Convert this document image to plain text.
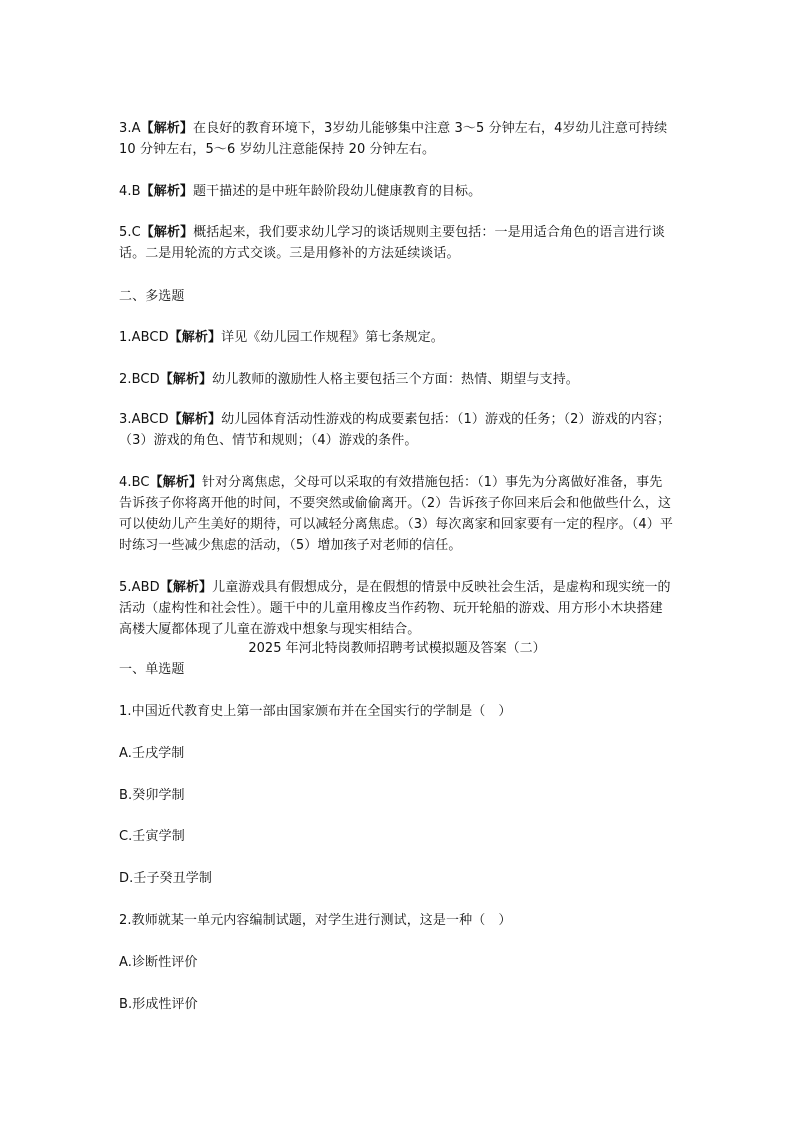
3.A【解析】在良好的教育环境下，3岁幼儿能够集中注意 3～5 分钟左右，4岁幼儿注意可持续 10 分钟左右，5～6 岁幼儿注意能保持 20 分钟左右。

4.B【解析】题干描述的是中班年龄阶段幼儿健康教育的目标。

5.C【解析】概括起来，我们要求幼儿学习的谈话规则主要包括：一是用适合角色的语言进行谈话。二是用轮流的方式交谈。三是用修补的方法延续谈话。

二、多选题

1.ABCD【解析】详见《幼儿园工作规程》第七条规定。

2.BCD【解析】幼儿教师的激励性人格主要包括三个方面：热情、期望与支持。

3.ABCD【解析】幼儿园体育活动性游戏的构成要素包括：（1）游戏的任务；（2）游戏的内容；（3）游戏的角色、情节和规则；（4）游戏的条件。

4.BC【解析】针对分离焦虑，父母可以采取的有效措施包括：（1）事先为分离做好准备，事先告诉孩子你将离开他的时间，不要突然或偷偷离开。（2）告诉孩子你回来后会和他做些什么，这可以使幼儿产生美好的期待，可以减轻分离焦虑。（3）每次离家和回家要有一定的程序。（4）平时练习一些减少焦虑的活动，（5）增加孩子对老师的信任。

5.ABD【解析】儿童游戏具有假想成分，是在假想的情景中反映社会生活，是虚构和现实统一的活动（虚构性和社会性）。题干中的儿童用橡皮当作药物、玩开轮船的游戏、用方形小木块搭建高楼大厦都体现了儿童在游戏中想象与现实相结合。

2025 年河北特岗教师招聘考试模拟题及答案（二）

一、单选题

1.中国近代教育史上第一部由国家颁布并在全国实行的学制是（　）

A.壬戌学制

B.癸卯学制

C.壬寅学制

D.壬子癸丑学制

2.教师就某一单元内容编制试题，对学生进行测试，这是一种（　）

A.诊断性评价

B.形成性评价
